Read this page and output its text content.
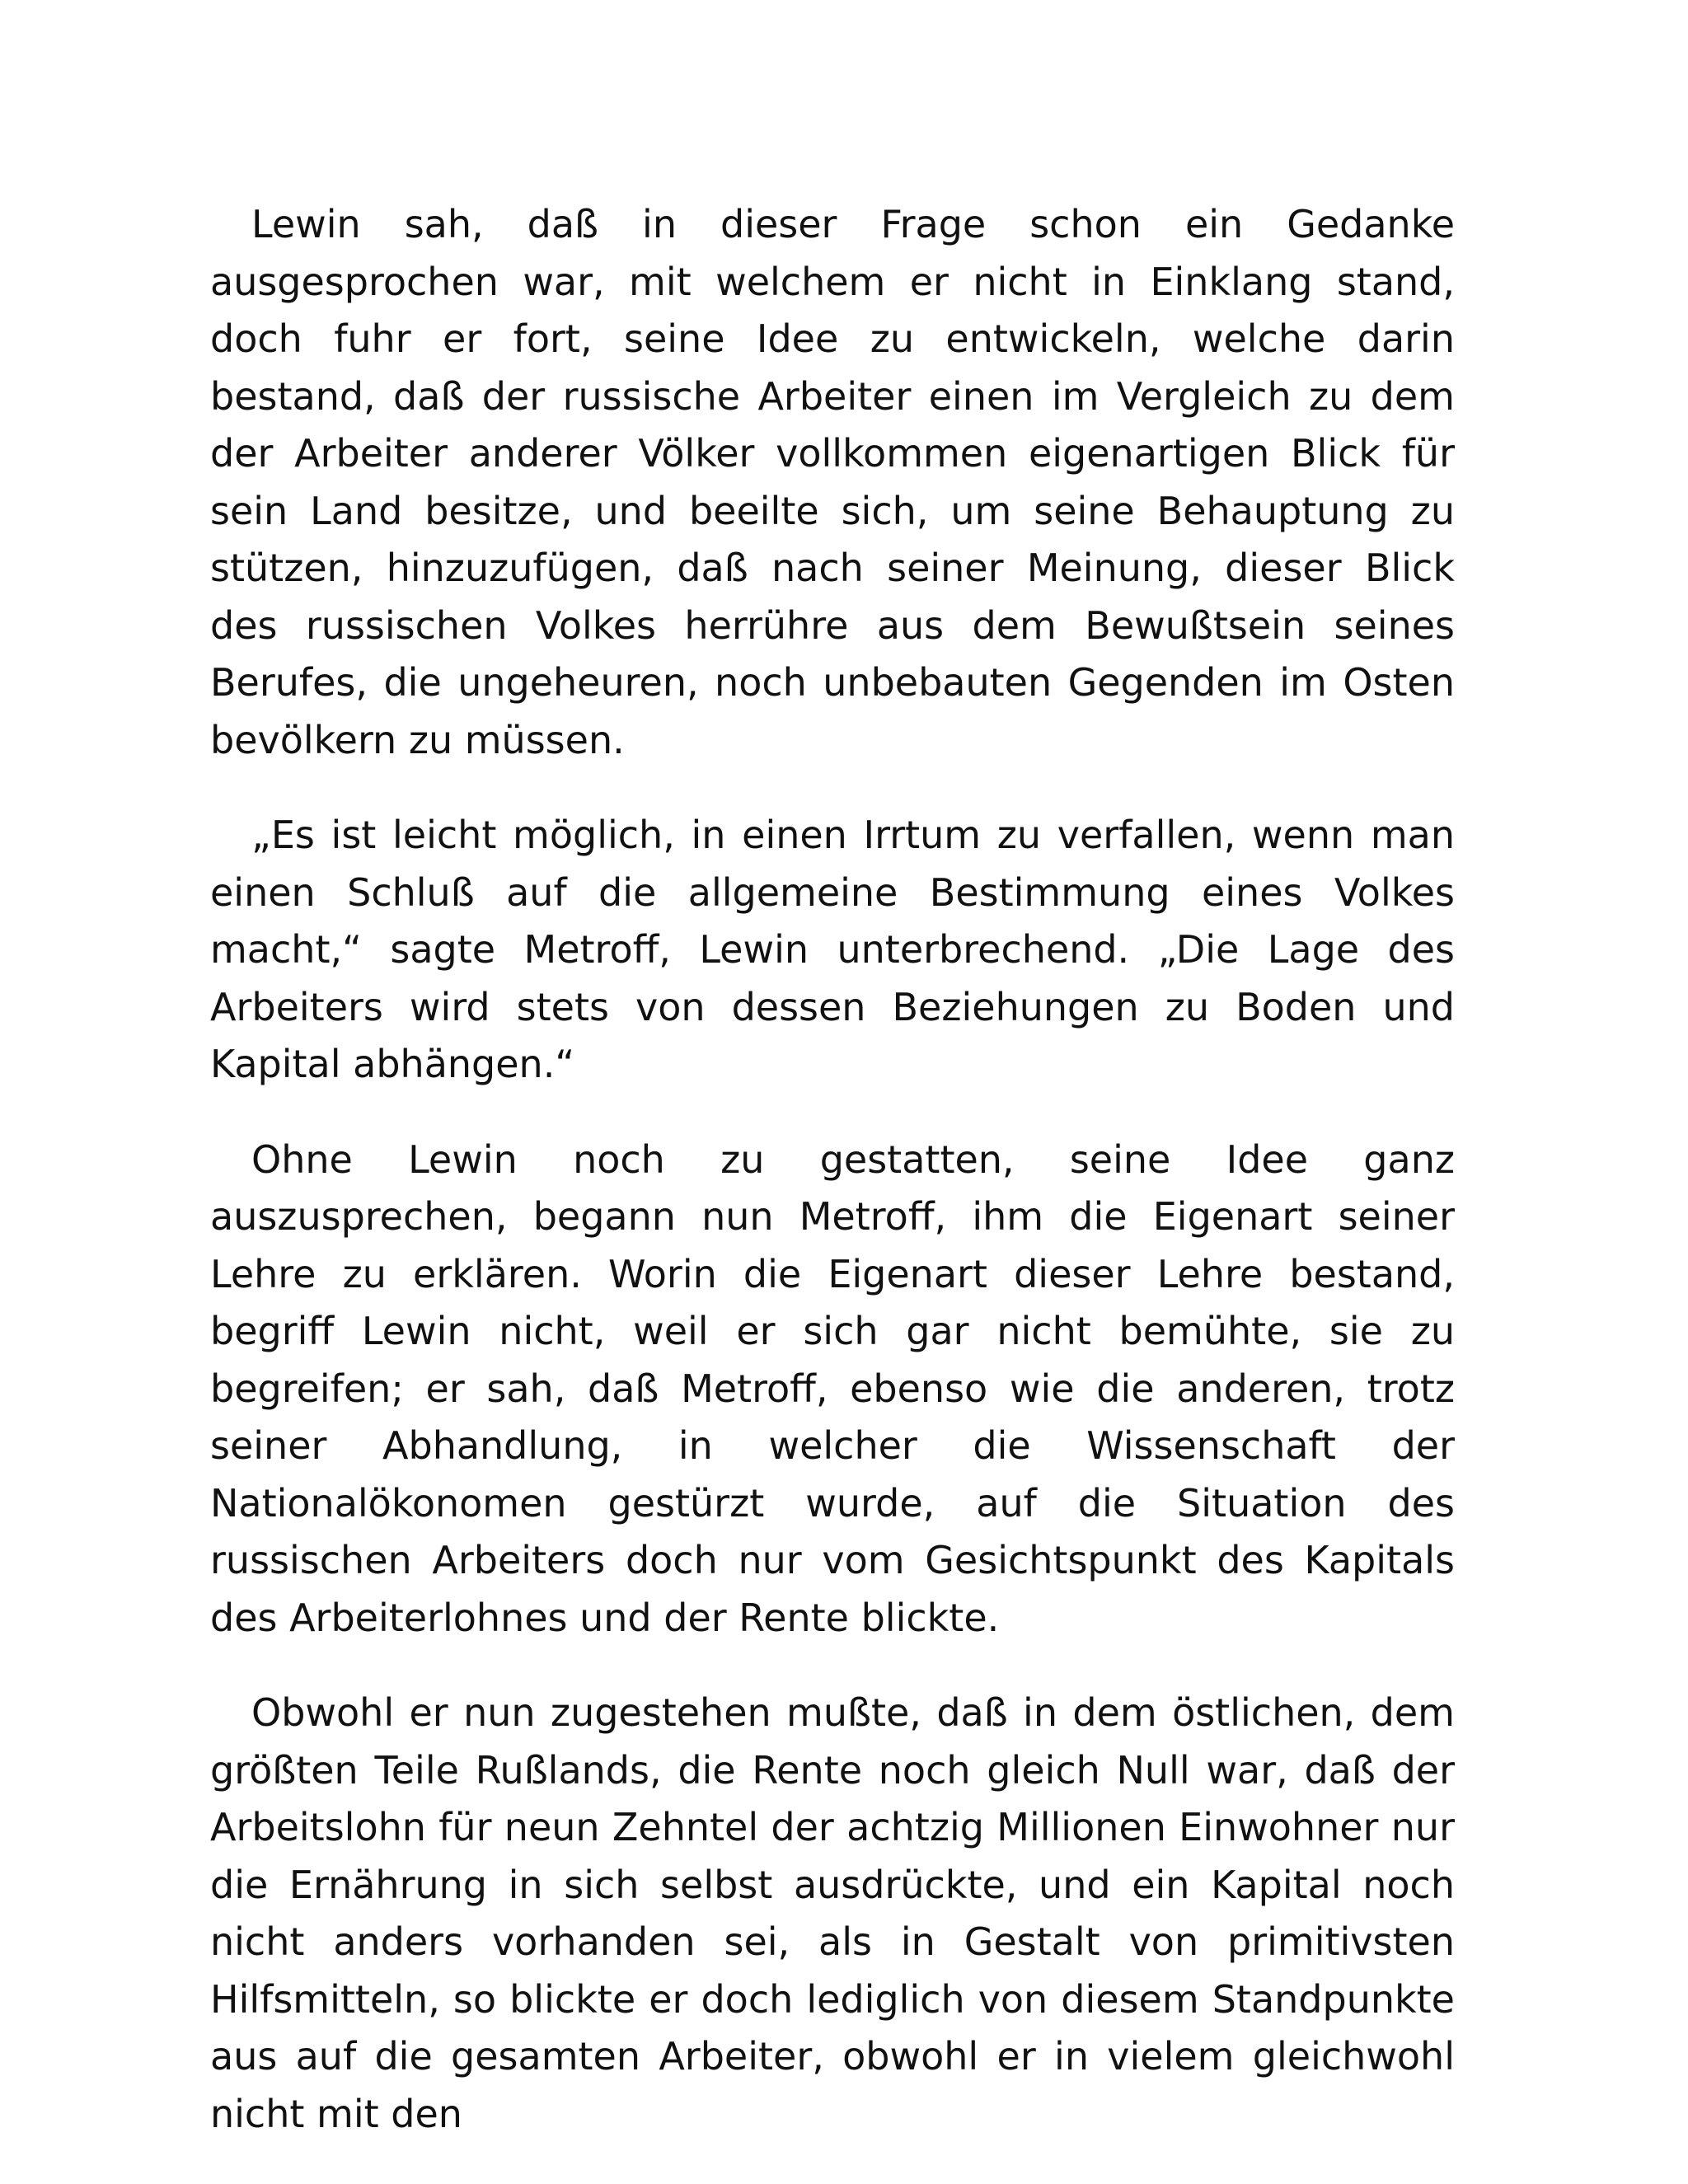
Lewin sah, daß in dieser Frage schon ein Gedanke ausgesprochen war, mit welchem er nicht in Einklang stand, doch fuhr er fort, seine Idee zu entwickeln, welche darin bestand, daß der russische Arbeiter einen im Vergleich zu dem der Arbeiter anderer Völker vollkommen eigenartigen Blick für sein Land besitze, und beeilte sich, um seine Behauptung zu stützen, hinzuzufügen, daß nach seiner Meinung, dieser Blick des russischen Volkes herrühre aus dem Bewußtsein seines Berufes, die ungeheuren, noch unbebauten Gegenden im Osten bevölkern zu müssen.

„Es ist leicht möglich, in einen Irrtum zu verfallen, wenn man einen Schluß auf die allgemeine Bestimmung eines Volkes macht,“ sagte Metroff, Lewin unterbrechend. „Die Lage des Arbeiters wird stets von dessen Beziehungen zu Boden und Kapital abhängen.“

Ohne Lewin noch zu gestatten, seine Idee ganz auszusprechen, begann nun Metroff, ihm die Eigenart seiner Lehre zu erklären. Worin die Eigenart dieser Lehre bestand, begriff Lewin nicht, weil er sich gar nicht bemühte, sie zu begreifen; er sah, daß Metroff, ebenso wie die anderen, trotz seiner Abhandlung, in welcher die Wissenschaft der Nationalökonomen gestürzt wurde, auf die Situation des russischen Arbeiters doch nur vom Gesichtspunkt des Kapitals des Arbeiterlohnes und der Rente blickte.

Obwohl er nun zugestehen mußte, daß in dem östlichen, dem größten Teile Rußlands, die Rente noch gleich Null war, daß der Arbeitslohn für neun Zehntel der achtzig Millionen Einwohner nur die Ernährung in sich selbst ausdrückte, und ein Kapital noch nicht anders vorhanden sei, als in Gestalt von primitivsten Hilfsmitteln, so blickte er doch lediglich von diesem Standpunkte aus auf die gesamten Arbeiter, obwohl er in vielem gleichwohl nicht mit den
